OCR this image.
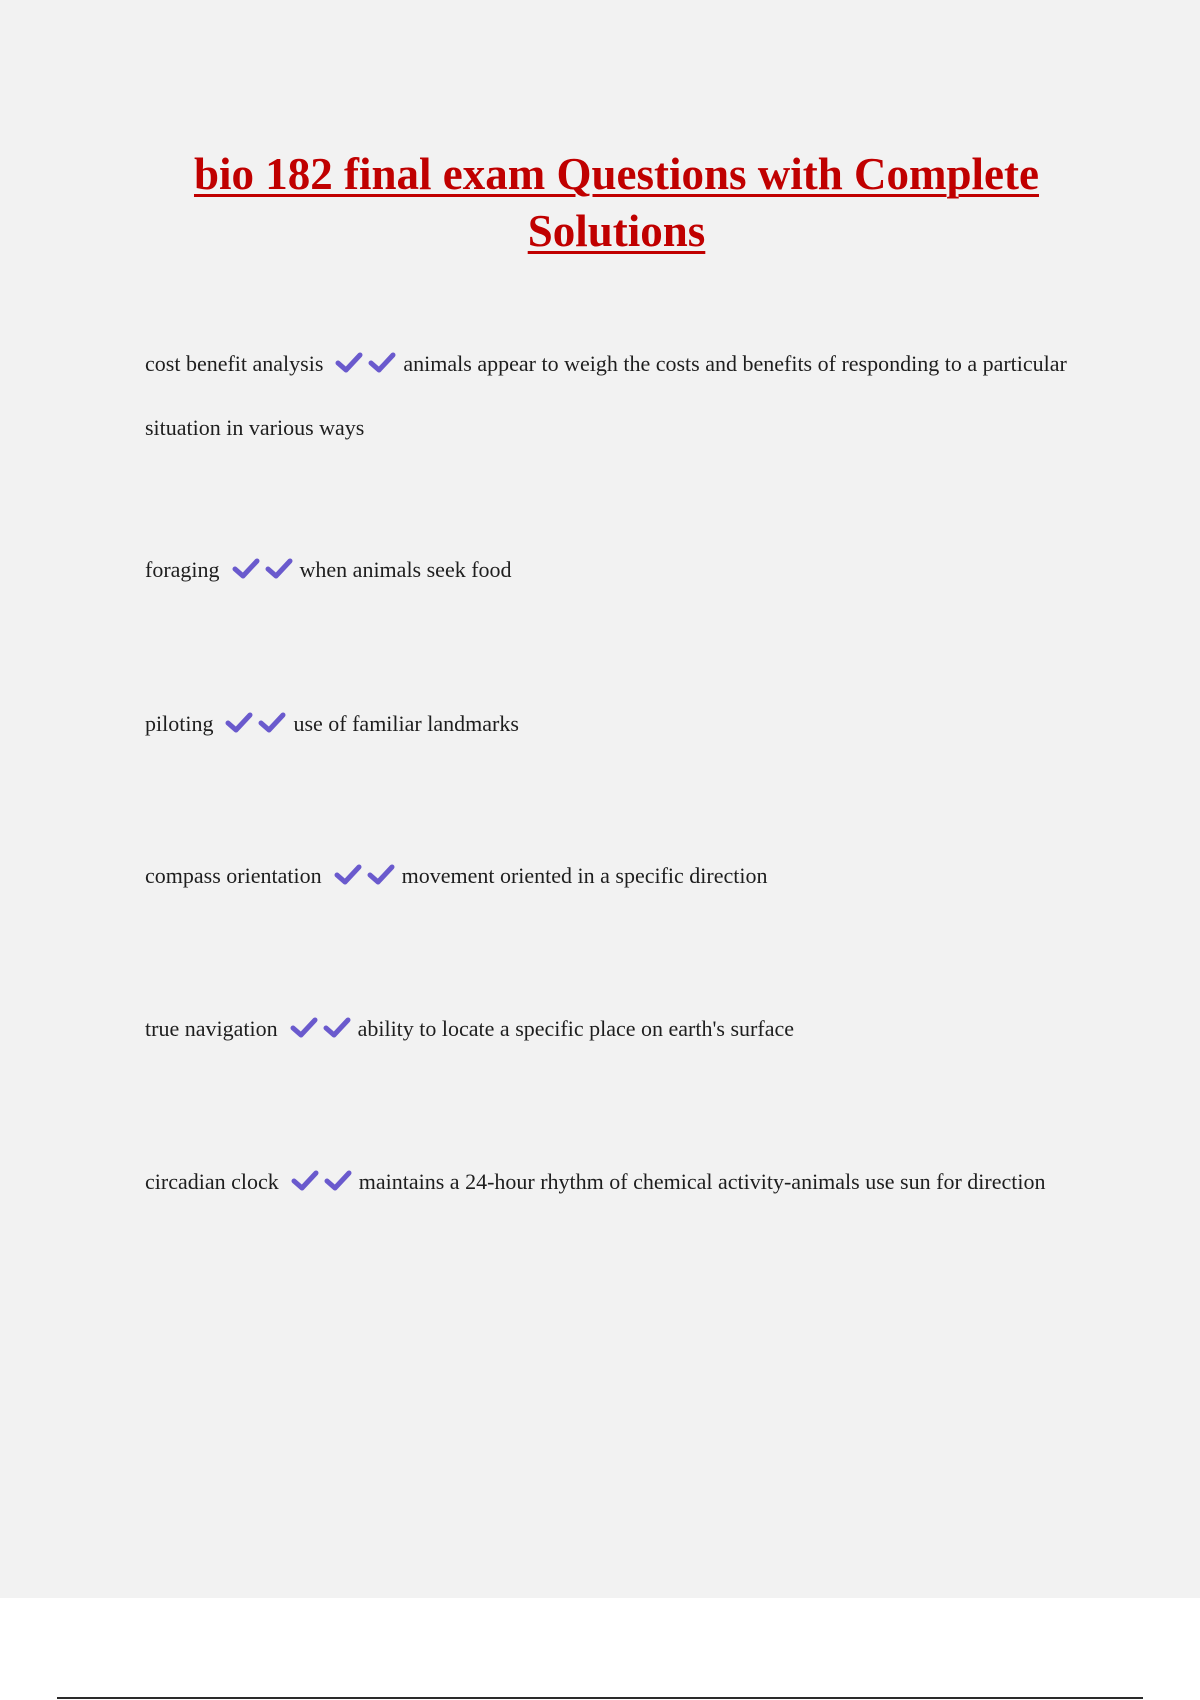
bio 182 final exam Questions with Complete Solutions
cost benefit analysis	animals appear to weigh the costs and benefits of responding to a particular situation in various ways
foraging	when animals seek food
piloting	use of familiar landmarks
compass orientation	movement oriented in a specific direction
true navigation	ability to locate a specific place on earth's surface
circadian clock	maintains a 24-hour rhythm of chemical activity-animals use sun for direction
